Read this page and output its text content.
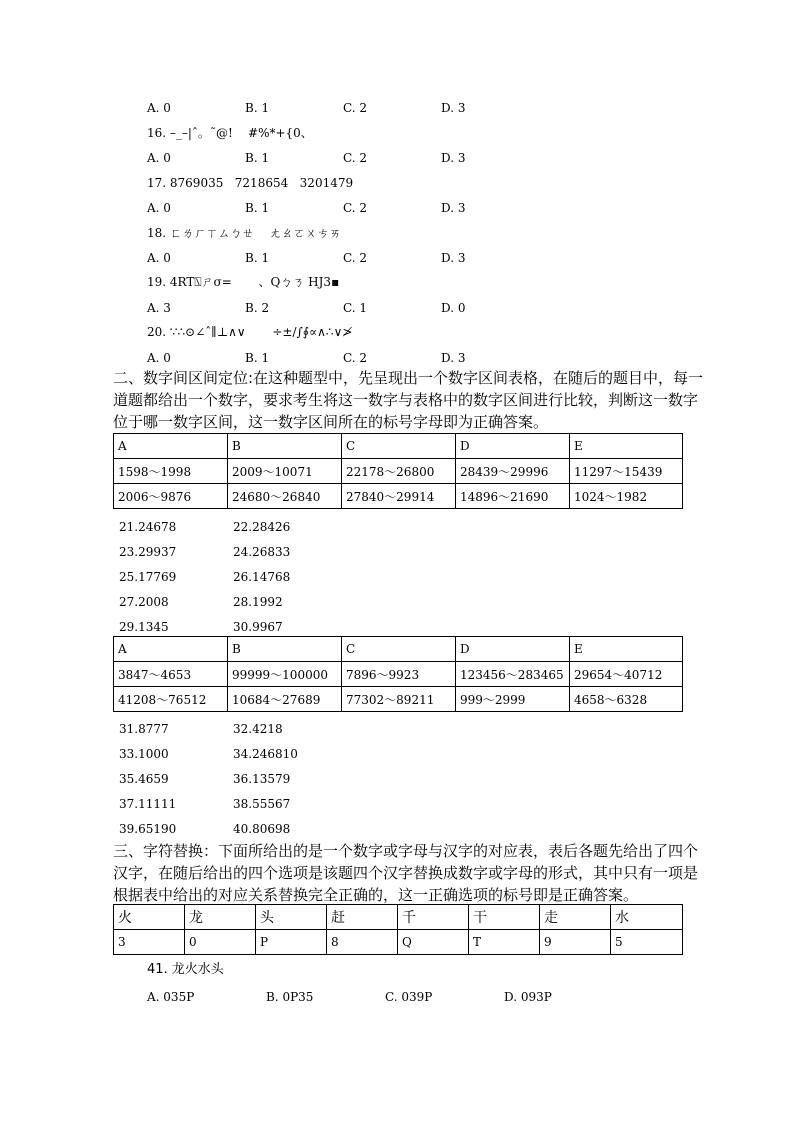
A. 0	B. 1	C. 2	D. 3
16. –_–|ˆ。˜@!    #%*+{0、
A. 0	B. 1	C. 2	D. 3
17. 8769035   7218654   3201479
A. 0	B. 1	C. 2	D. 3
18. ㄈㄌㄏㄒㄙㄅㄝ    ㄤㄠㄛㄨㄘㄞ
A. 0	B. 1	C. 2	D. 3
19. 4RT⍂ㄕσ=       、Qㄅㄋ HJ3▪
A. 3	B. 2	C. 1	D. 0
20. ∵∴⊙∠ˆ∥⊥∧∨       ÷±/∫∮∝∧∴∨≯
A. 0	B. 1	C. 2	D. 3
二、数字间区间定位:在这种题型中，先呈现出一个数字区间表格，在随后的题目中，每一
道题都给出一个数字，要求考生将这一数字与表格中的数字区间进行比较，判断这一数字
位于哪一数字区间，这一数字区间所在的标号字母即为正确答案。
A	B	C	D	E
1598～1998	2009～10071	22178～26800	28439～29996	11297～15439
2006～9876	24680～26840	27840～29914	14896～21690	1024～1982
21.24678	22.28426
23.29937	24.26833
25.17769	26.14768
27.2008	28.1992
29.1345	30.9967
A	B	C	D	E
3847～4653	99999～100000	7896～9923	123456～283465	29654～40712
41208～76512	10684～27689	77302～89211	999～2999	4658～6328
31.8777	32.4218
33.1000	34.246810
35.4659	36.13579
37.11111	38.55567
39.65190	40.80698
三、字符替换：下面所给出的是一个数字或字母与汉字的对应表，表后各题先给出了四个
汉字，在随后给出的四个选项是该题四个汉字替换成数字或字母的形式，其中只有一项是
根据表中给出的对应关系替换完全正确的，这一正确选项的标号即是正确答案。
火	龙	头	赶	千	干	走	水
3	0	P	8	Q	T	9	5
41. 龙火水头
A. 035P	B. 0P35	C. 039P	D. 093P
